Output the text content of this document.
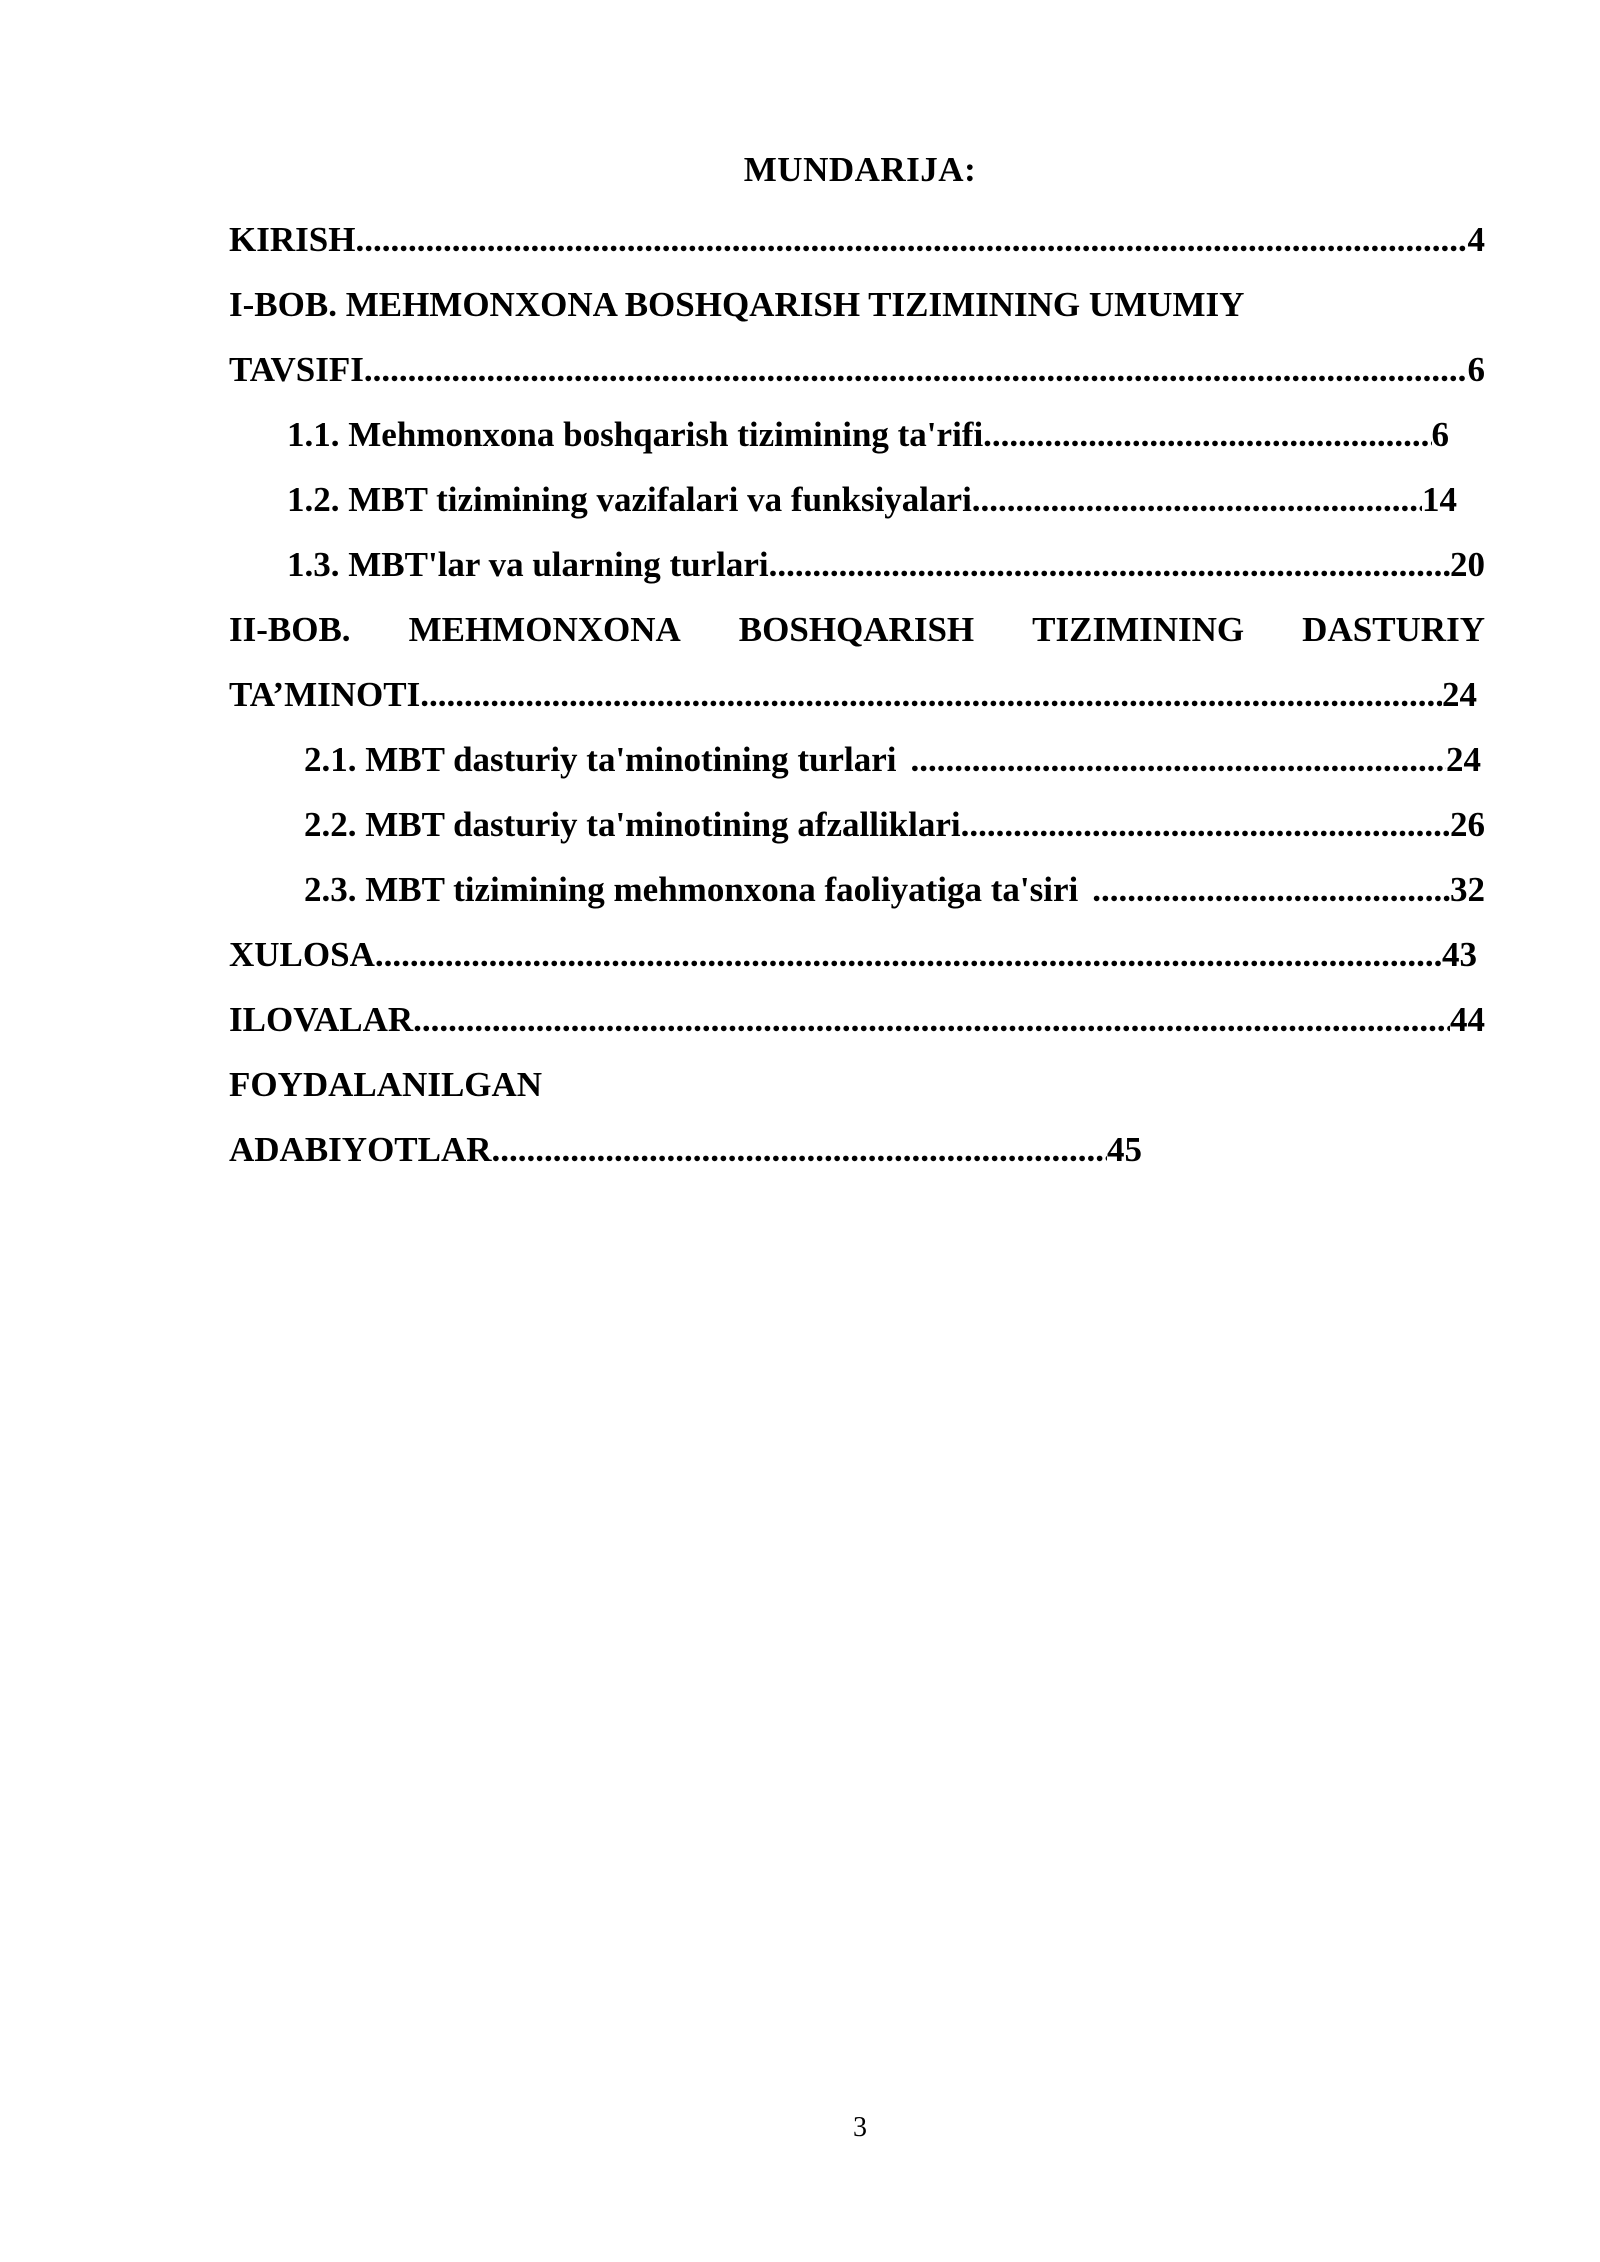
MUNDARIJA:
KIRISH .....	4
I-BOB. MEHMONXONA BOSHQARISH TIZIMINING UMUMIY
TAVSIFI .....	6
1.1. Mehmonxona boshqarish tizimining ta'rifi .....	6
1.2. MBT tizimining vazifalari va funksiyalari .....	14
1.3. MBT'lar va ularning turlari .....	20
II-BOB. MEHMONXONA BOSHQARISH TIZIMINING DASTURIY
TA’MINOTI .....	24
2.1. MBT dasturiy ta'minotining turlari .....	24
2.2. MBT dasturiy ta'minotining afzalliklari .....	26
2.3. MBT tizimining mehmonxona faoliyatiga ta'siri .....	32
XULOSA .....	43
ILOVALAR .....	44
FOYDALANILGAN
ADABIYOTLAR .....	45
3
